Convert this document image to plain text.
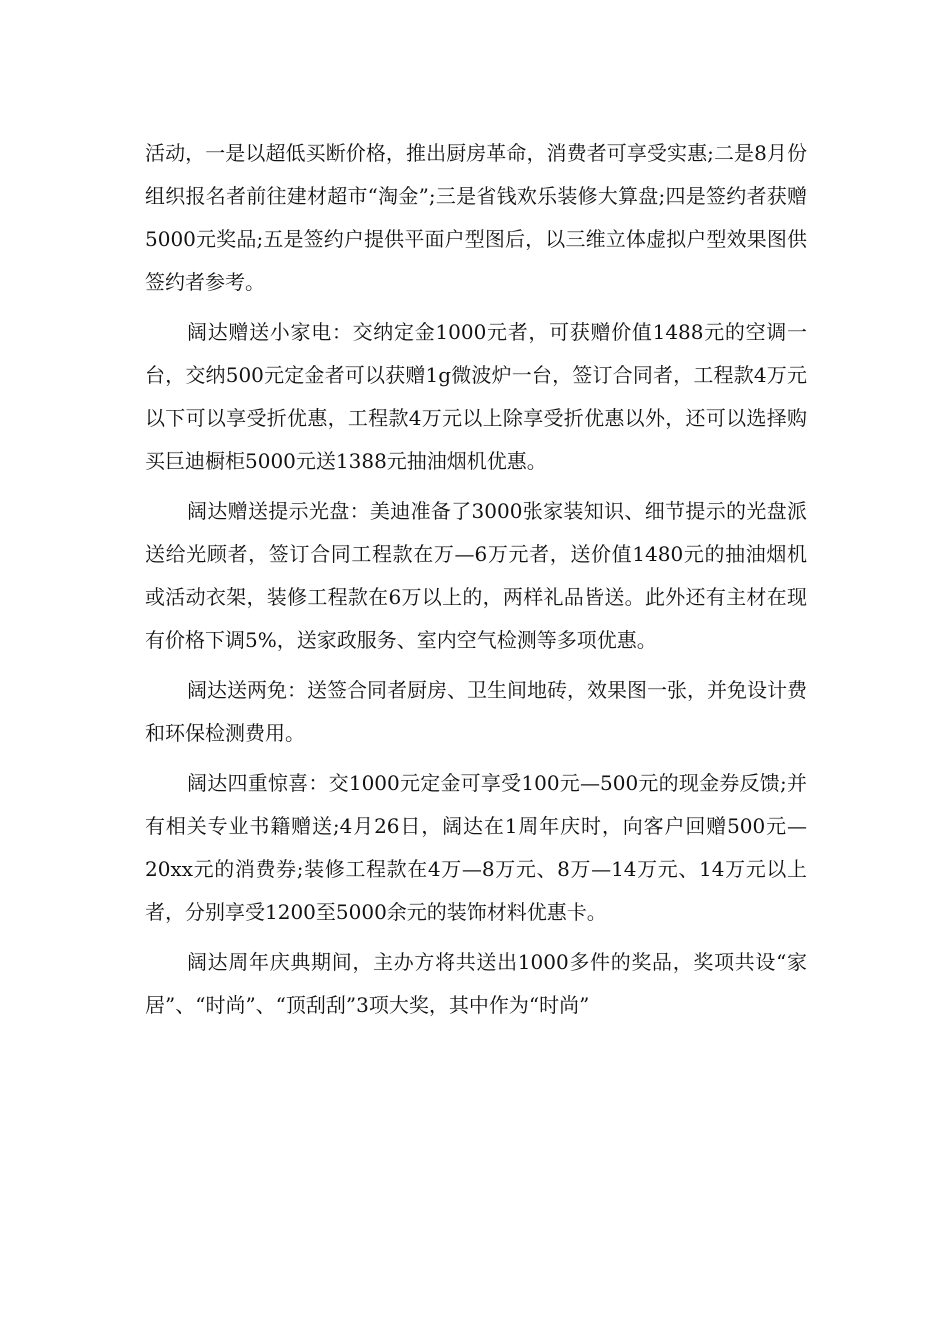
活动，一是以超低买断价格，推出厨房革命，消费者可享受实惠;二是8月份组织报名者前往建材超市“淘金”;三是省钱欢乐装修大算盘;四是签约者获赠5000元奖品;五是签约户提供平面户型图后，以三维立体虚拟户型效果图供签约者参考。

阔达赠送小家电：交纳定金1000元者，可获赠价值1488元的空调一台，交纳500元定金者可以获赠1g微波炉一台，签订合同者，工程款4万元以下可以享受折优惠，工程款4万元以上除享受折优惠以外，还可以选择购买巨迪橱柜5000元送1388元抽油烟机优惠。

阔达赠送提示光盘：美迪准备了3000张家装知识、细节提示的光盘派送给光顾者，签订合同工程款在万—6万元者，送价值1480元的抽油烟机或活动衣架，装修工程款在6万以上的，两样礼品皆送。此外还有主材在现有价格下调5%，送家政服务、室内空气检测等多项优惠。

阔达送两免：送签合同者厨房、卫生间地砖，效果图一张，并免设计费和环保检测费用。

阔达四重惊喜：交1000元定金可享受100元—500元的现金券反馈;并有相关专业书籍赠送;4月26日，阔达在1周年庆时，向客户回赠500元—20xx元的消费券;装修工程款在4万—8万元、8万—14万元、14万元以上者，分别享受1200至5000余元的装饰材料优惠卡。

阔达周年庆典期间，主办方将共送出1000多件的奖品，奖项共设“家居”、“时尚”、“顶刮刮”3项大奖，其中作为“时尚”
